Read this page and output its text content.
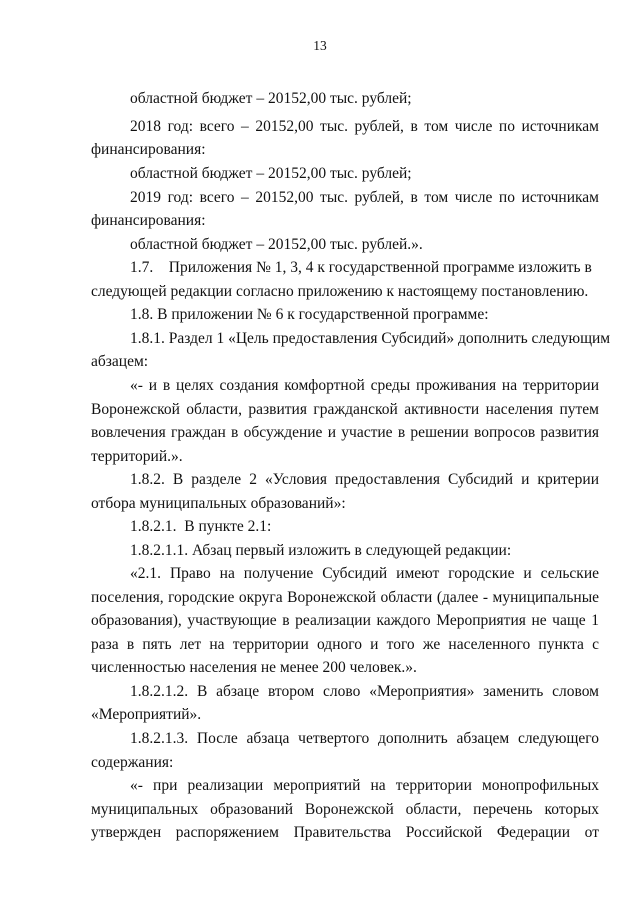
13
областной бюджет – 20152,00 тыс. рублей;
2018 год: всего – 20152,00 тыс. рублей, в том числе по источникам
финансирования:
областной бюджет – 20152,00 тыс. рублей;
2019 год: всего – 20152,00 тыс. рублей, в том числе по источникам
финансирования:
областной бюджет – 20152,00 тыс. рублей.».
1.7.    Приложения № 1, 3, 4 к государственной программе изложить в
следующей редакции согласно приложению к настоящему постановлению.
1.8. В приложении № 6 к государственной программе:
1.8.1. Раздел 1 «Цель предоставления Субсидий» дополнить следующим
абзацем:
«- и в целях создания комфортной среды проживания на территории
Воронежской области, развития гражданской активности населения путем
вовлечения граждан в обсуждение и участие в решении вопросов развития
территорий.».
1.8.2. В разделе 2 «Условия предоставления Субсидий и критерии
отбора муниципальных образований»:
1.8.2.1.  В пункте 2.1:
1.8.2.1.1. Абзац первый изложить в следующей редакции:
«2.1. Право на получение Субсидий имеют городские и сельские
поселения, городские округа Воронежской области (далее - муниципальные
образования), участвующие в реализации каждого Мероприятия не чаще 1
раза в пять лет на территории одного и того же населенного пункта с
численностью населения не менее 200 человек.».
1.8.2.1.2. В абзаце втором слово «Мероприятия» заменить словом
«Мероприятий».
1.8.2.1.3. После абзаца четвертого дополнить абзацем следующего
содержания:
«- при реализации мероприятий на территории монопрофильных
муниципальных образований Воронежской области, перечень которых
утвержден распоряжением Правительства Российской Федерации от
